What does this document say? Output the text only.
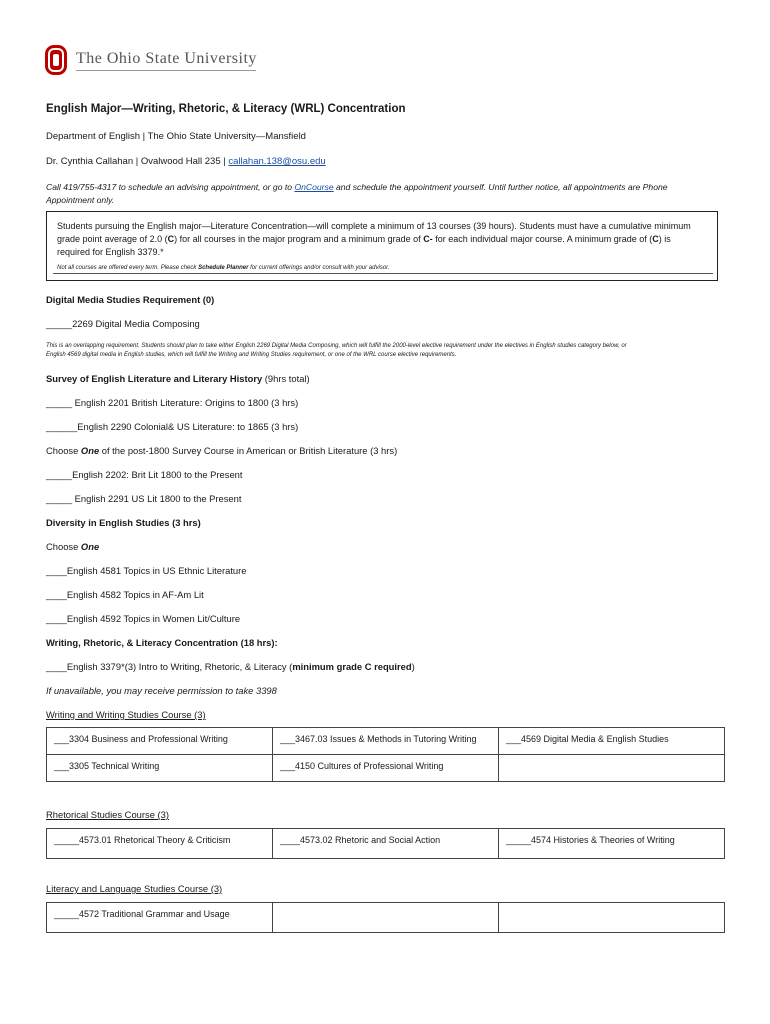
The Ohio State University
English Major—Writing, Rhetoric, & Literacy (WRL) Concentration
Department of English | The Ohio State University—Mansfield
Dr. Cynthia Callahan | Ovalwood Hall 235 | callahan.138@osu.edu
Call 419/755-4317 to schedule an advising appointment, or go to OnCourse and schedule the appointment yourself. Until further notice, all appointments are Phone
Appointment only.
Students pursuing the English major—Literature Concentration—will complete a minimum of 13 courses (39 hours). Students must have a cumulative minimum
grade point average of 2.0 (C) for all courses in the major program and a minimum grade of C- for each individual major course. A minimum grade of (C) is
required for English 3379.*
Not all courses are offered every term. Please check Schedule Planner for current offerings and/or consult with your advisor.
Digital Media Studies Requirement (0)
_____2269 Digital Media Composing
This is an overlapping requirement. Students should plan to take either English 2269 Digital Media Composing, which will fulfill the 2000-level elective requirement under the electives in English studies category below, or
English 4569 digital media in English studies, which will fulfill the Writing and Writing Studies requirement, or one of the WRL course elective requirements.
Survey of English Literature and Literary History (9hrs total)
_____ English 2201 British Literature: Origins to 1800 (3 hrs)
______English 2290 Colonial& US Literature: to 1865 (3 hrs)
Choose One of the post-1800 Survey Course in American or British Literature (3 hrs)
_____English 2202: Brit Lit 1800 to the Present
_____ English 2291 US Lit 1800 to the Present
Diversity in English Studies (3 hrs)
Choose One
____English 4581 Topics in US Ethnic Literature
____English 4582 Topics in AF-Am Lit
____English 4592 Topics in Women Lit/Culture
Writing, Rhetoric, & Literacy Concentration (18 hrs):
____English 3379*(3) Intro to Writing, Rhetoric, & Literacy (minimum grade C required)
If unavailable, you may receive permission to take 3398
Writing and Writing Studies Course (3)
___3304 Business and Professional Writing	___3467.03 Issues & Methods in Tutoring Writing	___4569 Digital Media & English Studies
___3305 Technical Writing	___4150 Cultures of Professional Writing	
Rhetorical Studies Course (3)
_____4573.01 Rhetorical Theory & Criticism	____4573.02 Rhetoric and Social Action	_____4574 Histories & Theories of Writing
Literacy and Language Studies Course (3)
_____4572 Traditional Grammar and Usage		
